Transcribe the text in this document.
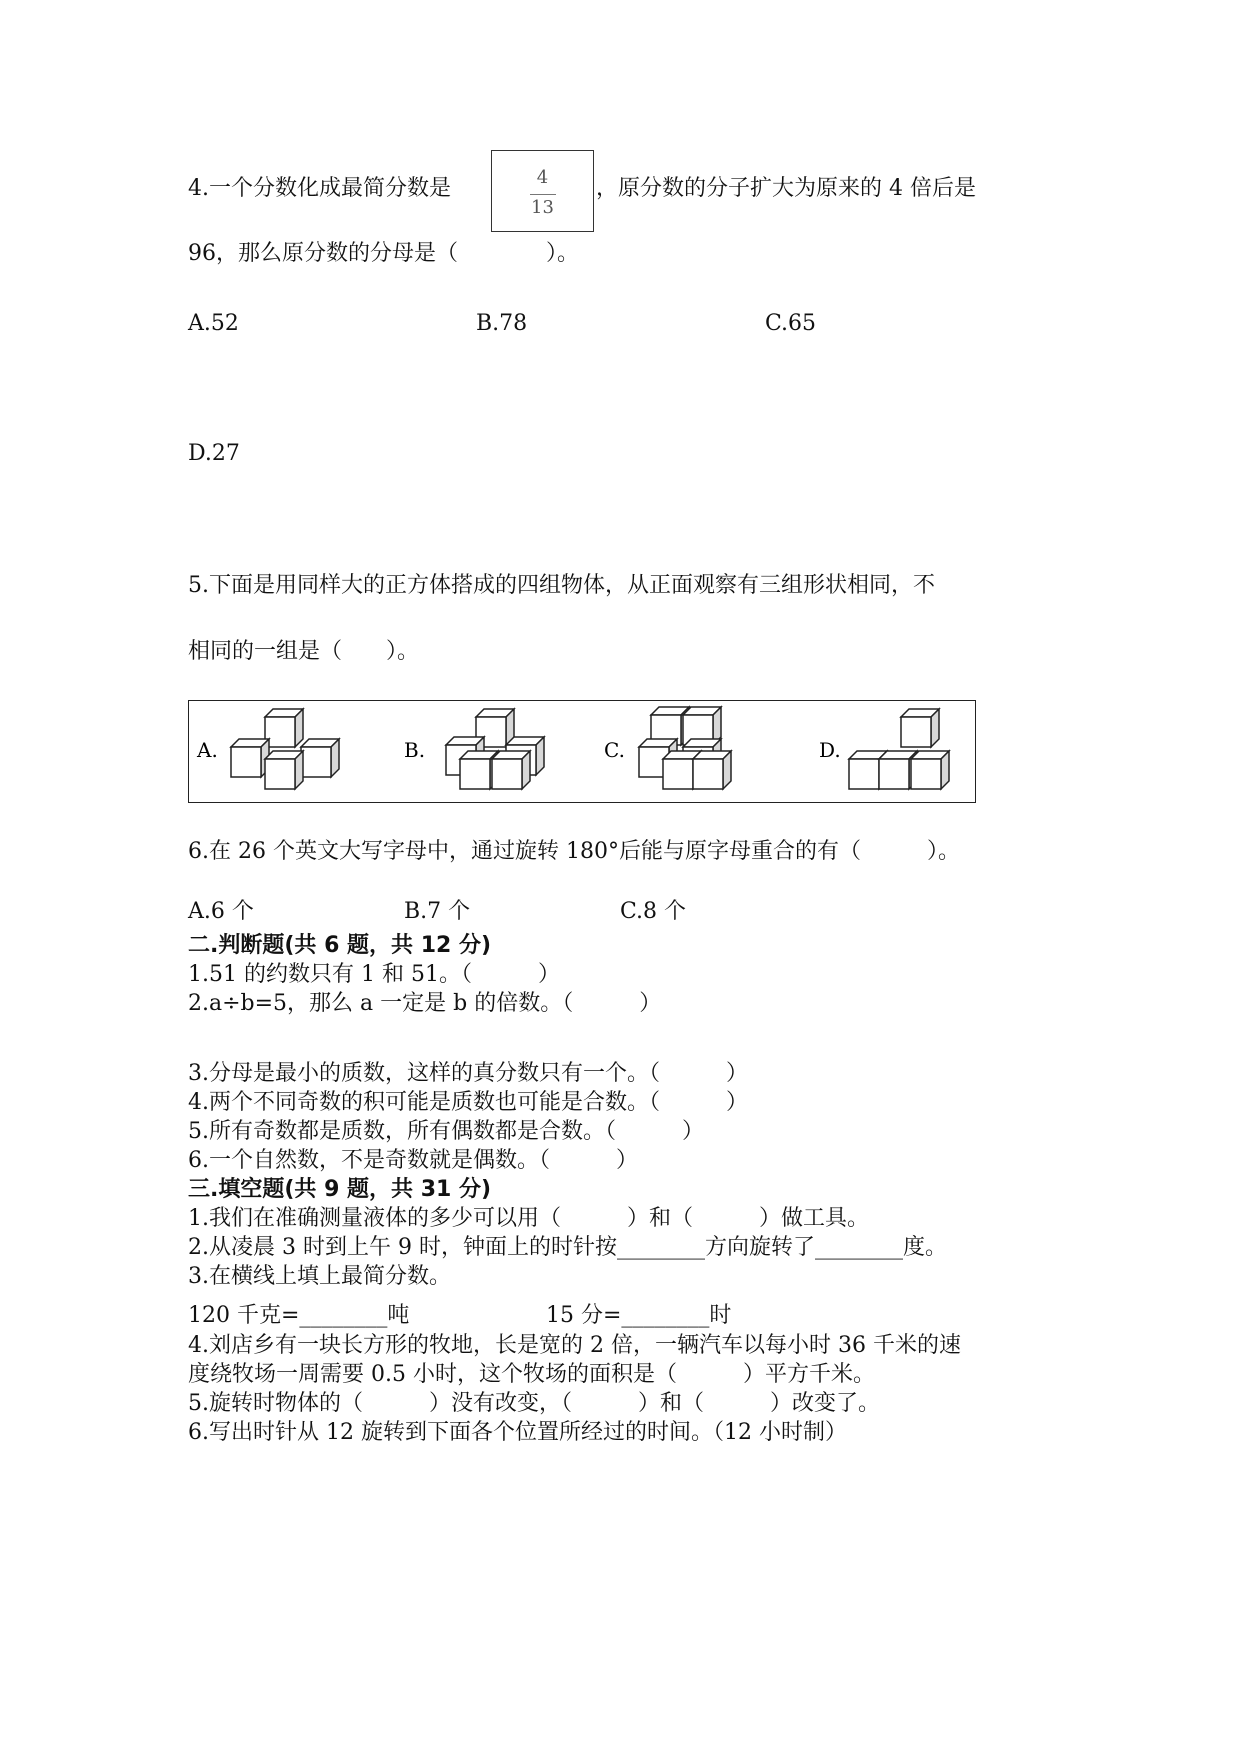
4.一个分数化成最简分数是	4
13
，原分数的分子扩大为原来的 4 倍后是
96，那么原分数的分母是（　　　　）。
A.52	B.78	C.65
D.27
5.下面是用同样大的正方体搭成的四组物体，从正面观察有三组形状相同，不
相同的一组是（　　）。
A.	B.	C.	D.
6.在 26 个英文大写字母中，通过旋转 180°后能与原字母重合的有（　　　）。
A.6 个	B.7 个	C.8 个
二.判断题(共 6 题，共 12 分)
1.51 的约数只有 1 和 51。（　　　）
2.a÷b=5，那么 a 一定是 b 的倍数。（　　　）
3.分母是最小的质数，这样的真分数只有一个。（　　　）
4.两个不同奇数的积可能是质数也可能是合数。（　　　）
5.所有奇数都是质数，所有偶数都是合数。（　　　）
6.一个自然数，不是奇数就是偶数。（　　　）
三.填空题(共 9 题，共 31 分)
1.我们在准确测量液体的多少可以用（　　　）和（　　　）做工具。
2.从凌晨 3 时到上午 9 时，钟面上的时针按________方向旋转了________度。
3.在横线上填上最简分数。
120 千克=________吨	15 分=________时
4.刘店乡有一块长方形的牧地，长是宽的 2 倍，一辆汽车以每小时 36 千米的速
度绕牧场一周需要 0.5 小时，这个牧场的面积是（　　　）平方千米。
5.旋转时物体的（　　　）没有改变，（　　　）和（　　　）改变了。
6.写出时针从 12 旋转到下面各个位置所经过的时间。（12 小时制）
